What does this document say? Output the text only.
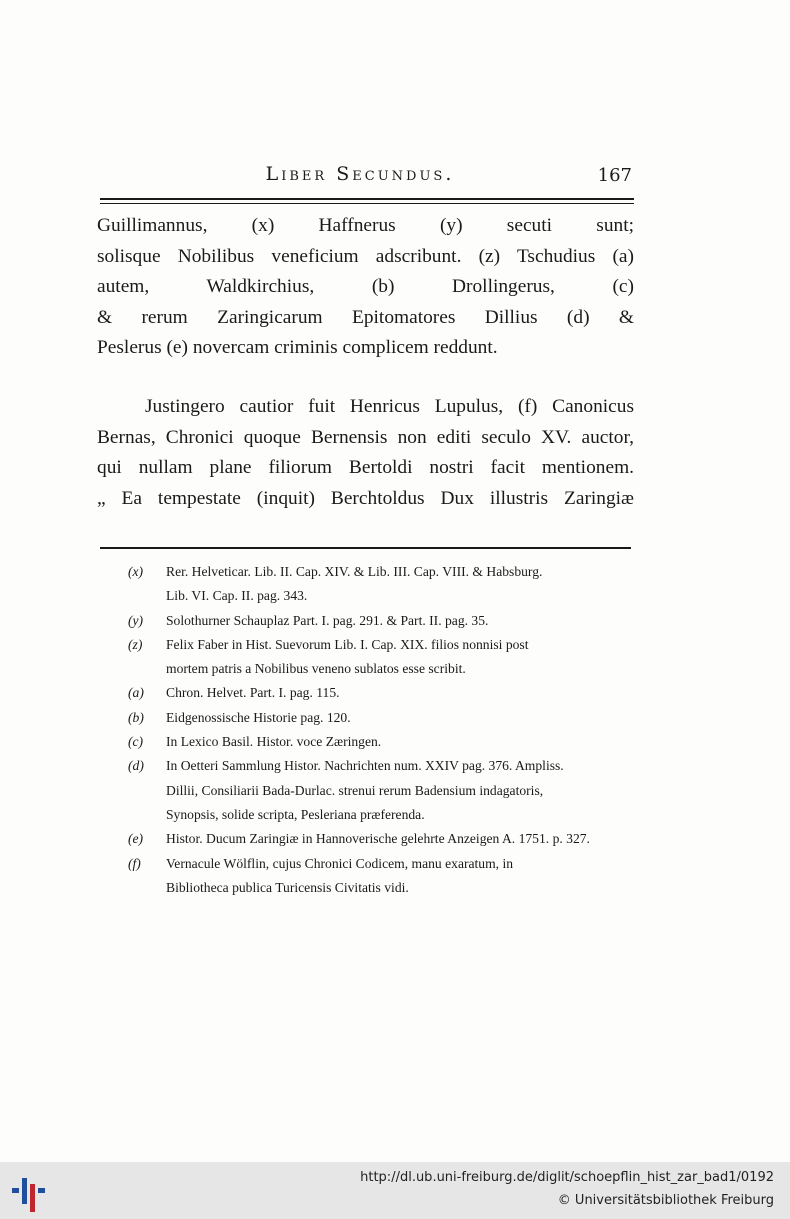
Liber Secundus.	167
Guillimannus, (x) Haffnerus (y) secuti sunt;
solisque Nobilibus veneficium adscribunt. (z) Tschudius (a)
autem, Waldkirchius, (b) Drollingerus, (c)
& rerum Zaringicarum Epitomatores Dillius (d) &
Peslerus (e) novercam criminis complicem reddunt.
Justingero cautior fuit Henricus Lupulus, (f) Canonicus
Bernas, Chronici quoque Bernensis non editi seculo XV. auctor,
qui nullam plane filiorum Bertoldi nostri facit mentionem.
„ Ea tempestate (inquit) Berchtoldus Dux illustris Zaringiæ
(x)	Rer. Helveticar. Lib. II. Cap. XIV. & Lib. III. Cap. VIII. & Habsburg.
Lib. VI. Cap. II. pag. 343.
(y)	Solothurner Schauplaz Part. I. pag. 291. & Part. II. pag. 35.
(z)	Felix Faber in Hist. Suevorum Lib. I. Cap. XIX. filios nonnisi post
mortem patris a Nobilibus veneno sublatos esse scribit.
(a)	Chron. Helvet. Part. I. pag. 115.
(b)	Eidgenossische Historie pag. 120.
(c)	In Lexico Basil. Histor. voce Zæringen.
(d)	In Oetteri Sammlung Histor. Nachrichten num. XXIV pag. 376. Ampliss.
Dillii, Consiliarii Bada-Durlac. strenui rerum Badensium indagatoris,
Synopsis, solide scripta, Pesleriana præferenda.
(e)	Histor. Ducum Zaringiæ in Hannoverische gelehrte Anzeigen A. 1751. p. 327.
(f)	Vernacule Wölflin, cujus Chronici Codicem, manu exaratum, in
Bibliotheca publica Turicensis Civitatis vidi.
http://dl.ub.uni-freiburg.de/diglit/schoepflin_hist_zar_bad1/0192
© Universitätsbibliothek Freiburg
